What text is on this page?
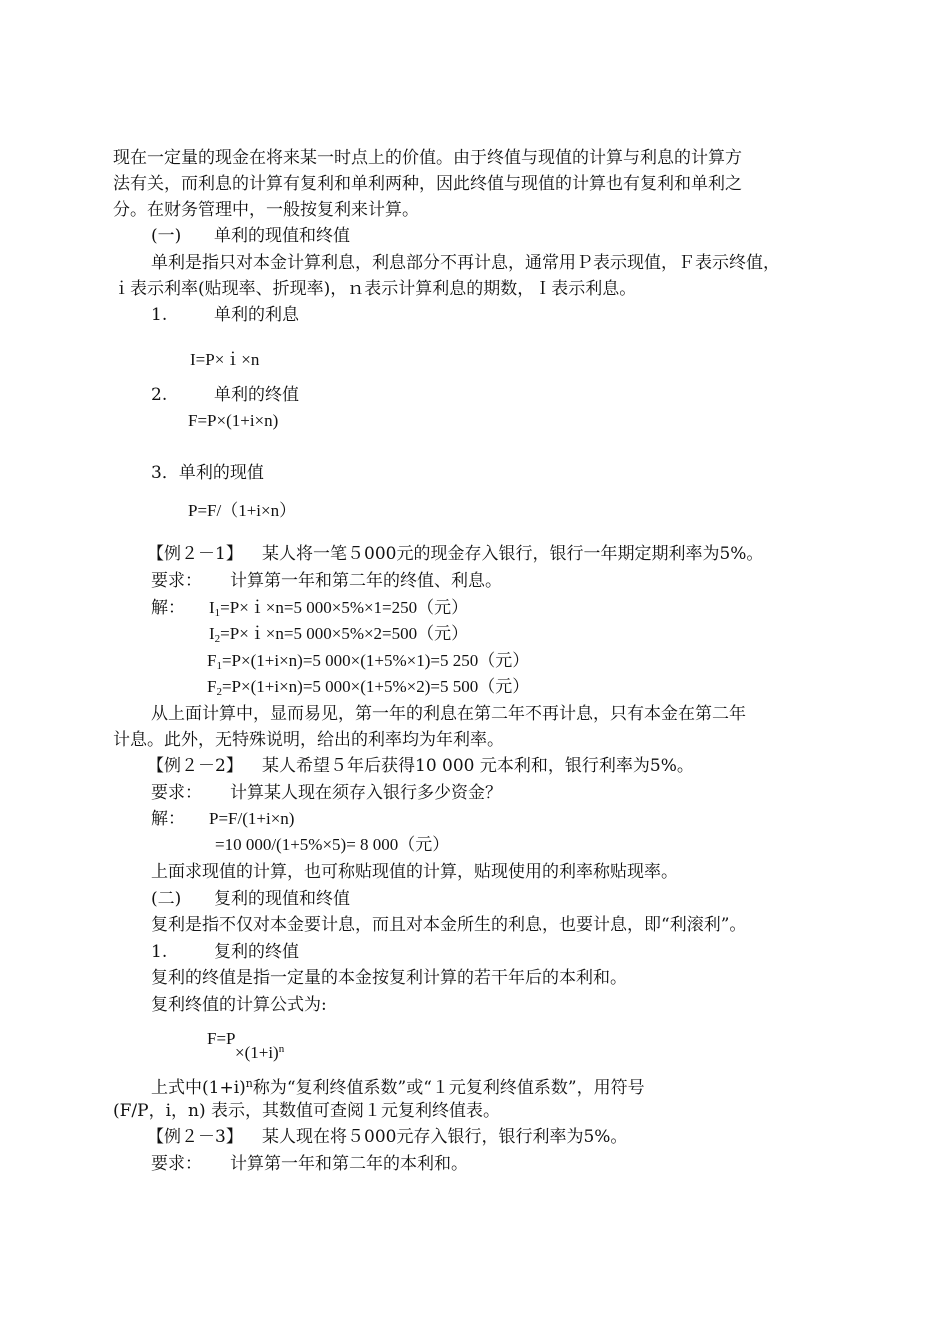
现在一定量的现金在将来某一时点上的价值。由于终值与现值的计算与利息的计算方
法有关，而利息的计算有复利和单利两种，因此终值与现值的计算也有复利和单利之
分。在财务管理中，一般按复利来计算。
(一) 单利的现值和终值
单利是指只对本金计算利息，利息部分不再计息，通常用Ｐ表示现值，Ｆ表示终值，
ｉ表示利率(贴现率、折现率)，ｎ表示计算利息的期数，Ｉ表示利息。
1.	单利的利息
I=P×ｉ×n
2.	单利的终值
F=P×(1+i×n)
3．单利的现值
P=F/（1+i×n）
【例２－1】 某人将一笔５000元的现金存入银行，银行一年期定期利率为5%。
要求： 计算第一年和第二年的终值、利息。
解： $I_1=P\times i\times n=5$ 000×5%×1=250（元）
$I_2=P\times i\times n=5$ 000×5%×2=500（元）
$F_1=P\times(1+i\times n)=5$ 000×(1+5%×1)=5 250（元）
$F_2=P\times(1+i\times n)=5$ 000×(1+5%×2)=5 500（元）
从上面计算中，显而易见，第一年的利息在第二年不再计息，只有本金在第二年
计息。此外，无特殊说明，给出的利率均为年利率。
【例２－2】 某人希望５年后获得10 000 元本利和，银行利率为5%。
要求： 计算某人现在须存入银行多少资金？
解： P=F/(1+i×n)
=10 000/(1+5%×5)= 8 000（元）
上面求现值的计算，也可称贴现值的计算，贴现使用的利率称贴现率。
(二) 复利的现值和终值
复利是指不仅对本金要计息，而且对本金所生的利息，也要计息，即“利滚利”。
1.	复利的终值
复利的终值是指一定量的本金按复利计算的若干年后的本利和。
复利终值的计算公式为:
F=P
$\times(1+i)^n$
上式中$(1+i)^n$称为“复利终值系数”或“１元复利终值系数”，用符号
(F/P，i，n) 表示，其数值可查阅１元复利终值表。
【例２－3】 某人现在将５000元存入银行，银行利率为5%。
要求： 计算第一年和第二年的本利和。
